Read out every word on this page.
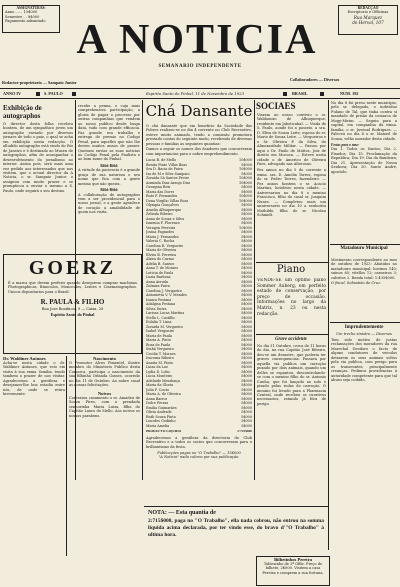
ASSIGNATURAS:
Anno ...... 15$000
Semestre ... 8$000
Pagamento adeantado A NOTICIA
SEMANARIO INDEPENDENTE
REDACÇÃO
Escriptorio e Officinas
Rua Marquez
do Herval, 107
Redactor-proprietario — Sampaio Junior
Collaboradores — Diversos
ANNO IV	S. PAULO	Espirito Santo do Pinhal, 11 de Novembro de 1923	BRASIL	NUM. 192
Exhibição de autographos

O director desta folha recebeu hontem, de um sympathico joven um autographo enviado por diversos jornaes de todo o paiz, o qual se acha em exhibição nesta redacção. O alludido autographo está vindo do Rio de Janeiro e é destinado ao Museu de autographos, afim de acompanhar o desenvolvimento do jornalismo no interior. Assim pois, será mais uma vez pedido aos interessados que nos visitem, que o actual director da A Noticia, o sr. Sampaio Junior, o assignou com muito prazer e se prompticou a enviar o mesmo a S. Paulo, onde seguirá o seu destino.

recebe a penna, e cuja mais comprehensiva participação, a gloria de pagar o processo por outras companhias que vendem ao nosso publico desde longa data, tudo com grande efficacia. Faz grande seu trabalho e entrega do premio no Codigo Penal, para aquelles que não lhe derem muitos annos de prazer. Queiram enviar as suas noticias ao Codigo Penal pela Paulista e ao bom nome do Pinhal.

Bôbô-Bôbô

A virtude da paciencia é a grande graça de sua natureza e seu nome que fica com a gente mesmo que não queira.

Bôbô-Bôbô

A collaboração de autographos vem a ser providencial para o nosso jornal, e a gente agradece de coração a amabilidade de quem nos visita.

GOERZ
É a marca que devem preferir quando desejarem comprar machinas Photographicas, Binoculos, Monoculos, Lentes e Cinematographos. Unicos depositarios para o Brasil:
R. PAULA & FILHO
Rua Jose Bonifacio, 9 — Caixa, 28
Espirito Santo do Pinhal
Dr. Waldiner Antunes

Acha-se nesta cidade o dr. Waldiner Antunes, que veio em visita á sua exma. familia, tendo tambem o prazer de nos visitar. Agradecemos a gentileza e desejamos-lhe boa estadia entre nós, de onde se retira brevemente.

Nascimento

O Promotor Alves Pimentel, ilustre membro do Ministerio Publico desta Comarca, participa o nascimento da sua filhinha Orlanda Gomes, ocorrido no dia 11 de Outubro. Ao nobre casal as nossas felicitações.

Noivos

Contratou casamento o sr. Amadeu de Souza Pires, com a prendada senhorinha Maria Luiza, filha do Capitão Lauro de Mello. Aos noivos os nossos parabens.

Chá Dansante

O chá dansante que em beneficio da Sociedade das Pobres realizou-se no dia 4 corrente no Club Recreativo, esteve muito animado, tendo a comissão promotora prestado contas do seguinte modo, recebendo de diversas pessoas e familias as seguintes quantias:

Damos a seguir os nomes dos doadores que concorreram com importancias para o nobre emprehendimento.

Lucia B. de Mello	10$000
Benita Pinto Villas Boas	5$000
Sra D. Bacia de Paiva	10$000
Iza de M e Silva Sampaio	5$000
Zoraida Sá Santos Freire	10$000
Arminda Dias Araujo Dias	10$000
Georgina Reis	5$000
Maria das Dores	5$000
Rute F. Fernandes	10$000
Dona Virgilio Villas Boas	10$000
Olympia Gonçalves	5$000
Amelia Albuquerque	5$000
Zelinda Ribeiro	5$000
Anna de Souza e Silva	5$000
Ismenia F. Florenzo	5$000
Veragen Ferreira	10$000
Josina Fagundes	5$000
Maria J. Fernandes	5$000
Valeria C. Rocha	5$000
Carolina R. Vergueiro	5$000
Maria de Oliveira	5$000
Elvira B. Ferreira	5$000
Alzira do Carmo	5$000
Adelia B. Santos	5$000
Anna T. de Moraes	5$000
Leticia de Paula	5$000
Luzia Barbosa	5$000
Anna Arruda	5$000
Zulmira Paiva	5$000
Carolina J. Vergueiro	5$000
Antonietta V. V. Mendes	5$000
Isaura Pestana	5$000
Adalgisa Pestana	5$000
Silvia Dutra	5$000
Larissa Lucas Martins	5$000
Stella L. Castilho	5$000
Eulalia T. Lima	5$000
Zoraida M. Vergueiro	5$000
Isabel Vergueiro	5$000
Maria de Paula	5$000
Maria A. Pinto	5$000
Rosa de Paula	5$000
Sinhá Vergueiro	5$000
Cecilia T. Moraes	5$000
Iracema Ribeiro	5$000
Annita M. Pinto	5$000
Luiza da Luz	5$000
Lydia D. Lobo	5$000
Lucia Monteiro	5$000
Adelaide Mendonça	5$000
Maria da Gloria	5$000
Julia F. Couto	5$000
Maria A. de Oliveira	5$000
Anna Barros	5$000
Dulce Ferraz	5$000
Emilia Guimarães	5$000
Olivia Andrade	5$000
Ruth Souza Pinto	5$000
Lourdes Godinho	5$000
Maria Amelia	5$000
PRODUCTO LIQUIDO	2:715$000

Agradecemos a gentileza da directoria do Club Recreativo e a todos os socios que concorreram para o brilhantismo da festa.

Publicações pagas no "O Trabalho" — 15$000

"A Noticia" nada cobrou por sua publicação.

NOTA: — Esta quantia de
2:715$000, paga no "O Trabalho", ella nada cobrou, não entrou na somma liquida acima declarada, por ter vindo esse, do bravo d'"O Trabalho" á ultima hora.
SOCIAES

Viaram ao nosso convivio o sr. Waldomiro de Albuquerque, residente em Jaboticabal. — Vinda de S. Paulo, aonde foi a passeio, a sra. D. Elisa de Souza Leite, esposa do sr. Mario de Souza Leite. — Vergueiros e o Sr. Oliveira P. da Silva, do Almoxarifado Militar. — Passou por aqui o Dr. Paulo de Mattos, Juiz de direito em Mococa. — Esteve nesta cidade o dr. Americo de Oliveira Paes, advogado nas Alterosas.

Fez annos no dia 5 do corrente a exma. sra. D. Amelia Torres, esposa do sr. Pedro Torres, fazendeiro. — Fez annos hontem o sr. Acacio Martins, hoteleiro nesta cidade. — Aniversariou no dia 8 o menino Francisco, filho do casal sr. Joaquim Nunes. — Completou mais um anniversario no dia 10 a senhorita Mathilde, filha do sr. Nicolau Schmidt.

Piano

VENDE-SE um optimo piano Sommer Auberg, em perfeito estado de conservação, por preço de occasião. Informações no largo da Matriz, n. 23 ou nesta redacção.

Grave accidente

No dia 31 Outubro, cerca de 11 horas do dia, na rua Capitão José Ribeiro, deu-se um desastre, que poderia ter graves consequencias. Passava por aquella via publica um carroção puxado por dois animais, quando um delles se espantou, descontrolando-se com o menino filho do sr. Antonio Cunha, que foi lançado ao solo e pisado pelas rodas do carroção. O menino foi levado para a Pharmacia Central, onde recebeu os curativos necessarios, estando já fóra de perigo.

No dia 8 foi preso neste municipio, pelo sr. delegado, o individuo Fulano de Tal, que tinha contra si mandado de prisão da comarca de Mogy-Mirim. — Seguiu para a capital, em companhia da exma. familia, o sr. Juvenal Rodrigues. — Faleceu no dia 6 o sr. Manoel de Souza, velho morador desta cidade.

Festas para o mez:

Dia 1. Todos os Santos; Dia 2. Finados; Dia 15. Proclamação da Republica; Dia 19. Dia da Bandeira; Dia 21. Apresentação de Nossa Senhora; Dia 30. Santo André, apostolo.

Matadouro Municipal

Movimento correspondente ao mez de outubro de 1923: Abatidos no matadouro municipal: bovinos 140; suinos 65; vitellos 12; carneiros 3; cabritos 2. Renda total: 1:435$000.

O fiscal, Sebastião de Cruz.

Imprudentemente
Um trecho sinistro — Diversos

Tem sido motivo de justas reclamações dos moradores da rua Marechal Deodoro o facto de alguns condutores de veiculos deixarem os seus animais soltos pela via publica, com perigo para os transeuntes, principalmente creanças. Pedimos providencias á autoridade competente para que tal abuso seja coibido.

Bilhetinhos Pereira
Talõezinho de 2ª Offic. Preço de bilhete, 2$000. Visitem a casa Pereira e comprem a sua fortuna.
